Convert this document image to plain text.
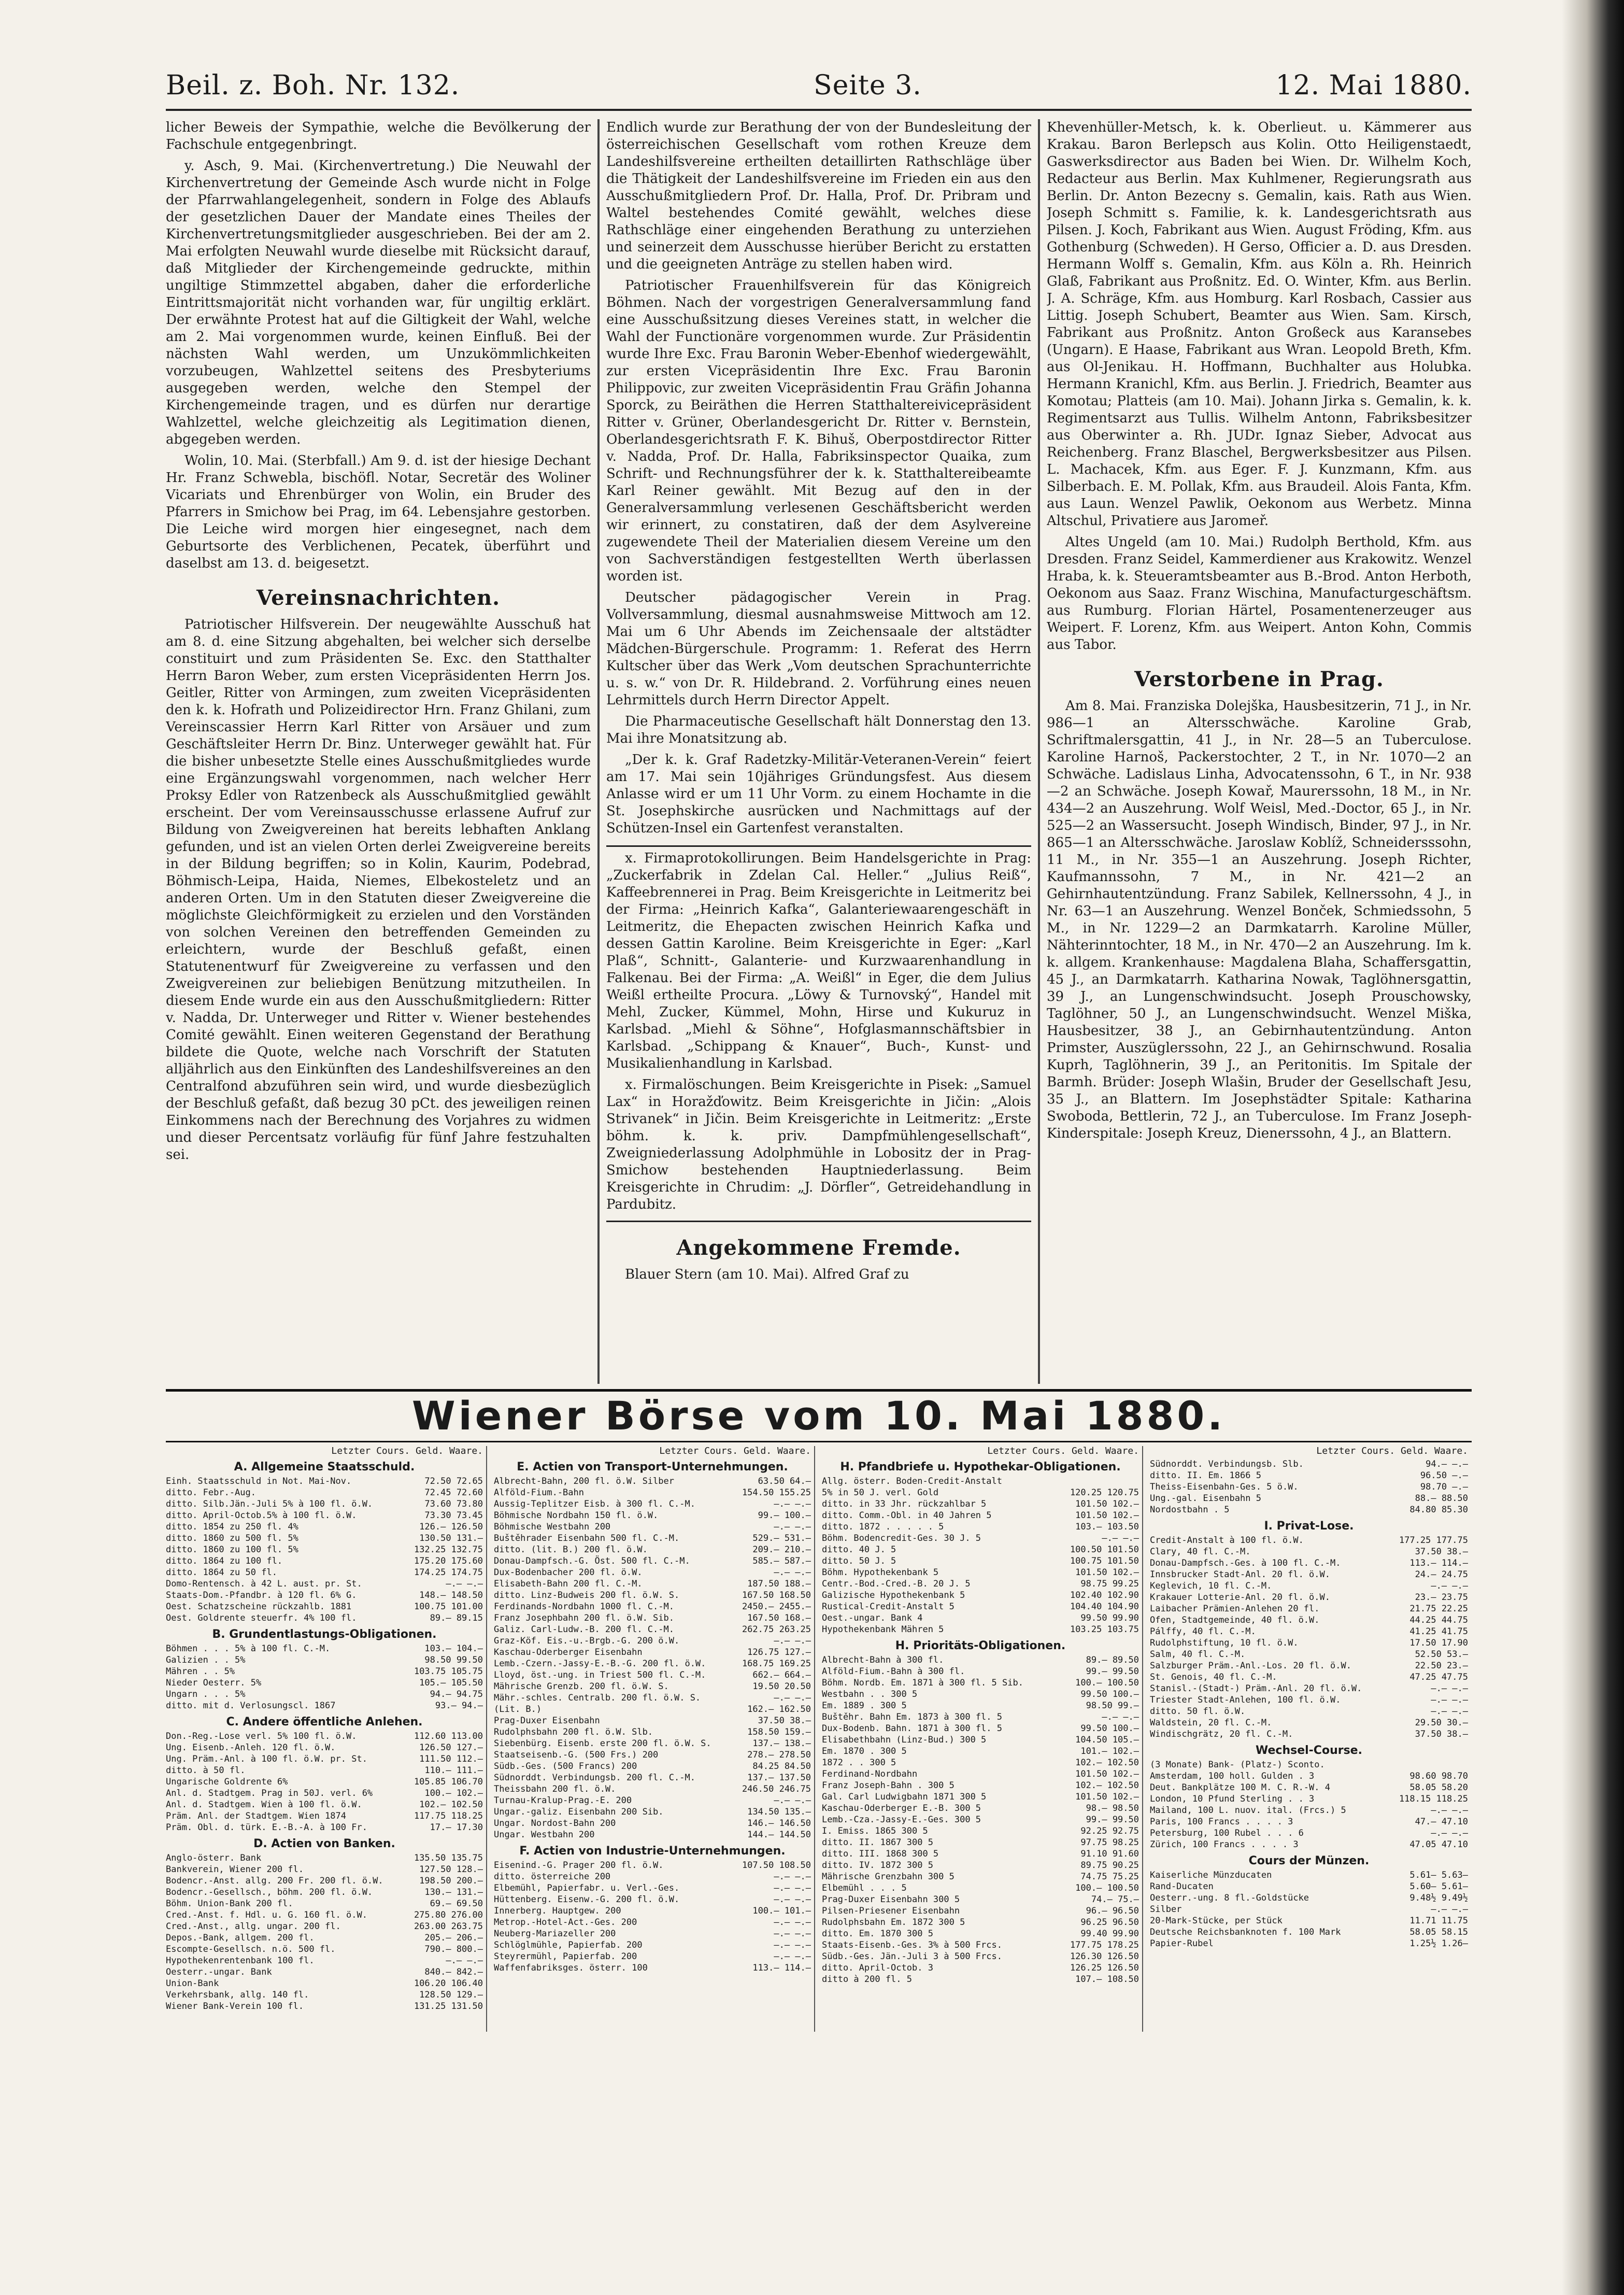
Beil. z. Boh. Nr. 132.	Seite 3.	12. Mai 1880.

licher Beweis der Sympathie, welche die Bevölkerung der Fachschule entgegenbringt.

y. Asch, 9. Mai. (Kirchenvertretung.) Die Neuwahl der Kirchenvertretung der Gemeinde Asch wurde nicht in Folge der Pfarrwahlangelegenheit, sondern in Folge des Ablaufs der gesetzlichen Dauer der Mandate eines Theiles der Kirchenvertretungsmitglieder ausgeschrieben. Bei der am 2. Mai erfolgten Neuwahl wurde dieselbe mit Rücksicht darauf, daß Mitglieder der Kirchengemeinde gedruckte, mithin ungiltige Stimmzettel abgaben, daher die erforderliche Eintrittsmajorität nicht vorhanden war, für ungiltig erklärt. Der erwähnte Protest hat auf die Giltigkeit der Wahl, welche am 2. Mai vorgenommen wurde, keinen Einfluß. Bei der nächsten Wahl werden, um Unzukömmlichkeiten vorzubeugen, Wahlzettel seitens des Presbyteriums ausgegeben werden, welche den Stempel der Kirchengemeinde tragen, und es dürfen nur derartige Wahlzettel, welche gleichzeitig als Legitimation dienen, abgegeben werden.

Wolin, 10. Mai. (Sterbfall.) Am 9. d. ist der hiesige Dechant Hr. Franz Schwebla, bischöfl. Notar, Secretär des Woliner Vicariats und Ehrenbürger von Wolin, ein Bruder des Pfarrers in Smichow bei Prag, im 64. Lebensjahre gestorben. Die Leiche wird morgen hier eingesegnet, nach dem Geburtsorte des Verblichenen, Pecatek, überführt und daselbst am 13. d. beigesetzt.

Vereinsnachrichten.

Patriotischer Hilfsverein. Der neugewählte Ausschuß hat am 8. d. eine Sitzung abgehalten, bei welcher sich derselbe constituirt und zum Präsidenten Se. Exc. den Statthalter Herrn Baron Weber, zum ersten Vicepräsidenten Herrn Jos. Geitler, Ritter von Armingen, zum zweiten Vicepräsidenten den k. k. Hofrath und Polizeidirector Hrn. Franz Ghilani, zum Vereinscassier Herrn Karl Ritter von Arsäuer und zum Geschäftsleiter Herrn Dr. Binz. Unterweger gewählt hat. Für die bisher unbesetzte Stelle eines Ausschußmitgliedes wurde eine Ergänzungswahl vorgenommen, nach welcher Herr Proksy Edler von Ratzenbeck als Ausschußmitglied gewählt erscheint. Der vom Vereinsausschusse erlassene Aufruf zur Bildung von Zweigvereinen hat bereits lebhaften Anklang gefunden, und ist an vielen Orten derlei Zweigvereine bereits in der Bildung begriffen; so in Kolin, Kaurim, Podebrad, Böhmisch-Leipa, Haida, Niemes, Elbekosteletz und an anderen Orten. Um in den Statuten dieser Zweigvereine die möglichste Gleichförmigkeit zu erzielen und den Vorständen von solchen Vereinen den betreffenden Gemeinden zu erleichtern, wurde der Beschluß gefaßt, einen Statutenentwurf für Zweigvereine zu verfassen und den Zweigvereinen zur beliebigen Benützung mitzutheilen. In diesem Ende wurde ein aus den Ausschußmitgliedern: Ritter v. Nadda, Dr. Unterweger und Ritter v. Wiener bestehendes Comité gewählt. Einen weiteren Gegenstand der Berathung bildete die Quote, welche nach Vorschrift der Statuten alljährlich aus den Einkünften des Landeshilfsvereines an den Centralfond abzuführen sein wird, und wurde diesbezüglich der Beschluß gefaßt, daß bezug 30 pCt. des jeweiligen reinen Einkommens nach der Berechnung des Vorjahres zu widmen und dieser Percentsatz vorläufig für fünf Jahre festzuhalten sei.

Endlich wurde zur Berathung der von der Bundesleitung der österreichischen Gesellschaft vom rothen Kreuze dem Landeshilfsvereine ertheilten detaillirten Rathschläge über die Thätigkeit der Landeshilfsvereine im Frieden ein aus den Ausschußmitgliedern Prof. Dr. Halla, Prof. Dr. Pribram und Waltel bestehendes Comité gewählt, welches diese Rathschläge einer eingehenden Berathung zu unterziehen und seinerzeit dem Ausschusse hierüber Bericht zu erstatten und die geeigneten Anträge zu stellen haben wird.

Patriotischer Frauenhilfsverein für das Königreich Böhmen. Nach der vorgestrigen Generalversammlung fand eine Ausschußsitzung dieses Vereines statt, in welcher die Wahl der Functionäre vorgenommen wurde. Zur Präsidentin wurde Ihre Exc. Frau Baronin Weber-Ebenhof wiedergewählt, zur ersten Vicepräsidentin Ihre Exc. Frau Baronin Philippovic, zur zweiten Vicepräsidentin Frau Gräfin Johanna Sporck, zu Beiräthen die Herren Statthaltereivicepräsident Ritter v. Grüner, Oberlandesgericht Dr. Ritter v. Bernstein, Oberlandesgerichtsrath F. K. Bihuš, Oberpostdirector Ritter v. Nadda, Prof. Dr. Halla, Fabriksinspector Quaika, zum Schrift- und Rechnungsführer der k. k. Statthaltereibeamte Karl Reiner gewählt. Mit Bezug auf den in der Generalversammlung verlesenen Geschäftsbericht werden wir erinnert, zu constatiren, daß der dem Asylvereine zugewendete Theil der Materialien diesem Vereine um den von Sachverständigen festgestellten Werth überlassen worden ist.

Deutscher pädagogischer Verein in Prag. Vollversammlung, diesmal ausnahmsweise Mittwoch am 12. Mai um 6 Uhr Abends im Zeichensaale der altstädter Mädchen-Bürgerschule. Programm: 1. Referat des Herrn Kultscher über das Werk „Vom deutschen Sprachunterrichte u. s. w.“ von Dr. R. Hildebrand. 2. Vorführung eines neuen Lehrmittels durch Herrn Director Appelt.

Die Pharmaceutische Gesellschaft hält Donnerstag den 13. Mai ihre Monatsitzung ab.

„Der k. k. Graf Radetzky-Militär-Veteranen-Verein“ feiert am 17. Mai sein 10jähriges Gründungsfest. Aus diesem Anlasse wird er um 11 Uhr Vorm. zu einem Hochamte in die St. Josephskirche ausrücken und Nachmittags auf der Schützen-Insel ein Gartenfest veranstalten.

x. Firmaprotokollirungen. Beim Handelsgerichte in Prag: „Zuckerfabrik in Zdelan Cal. Heller.“ „Julius Reiß“, Kaffeebrennerei in Prag. Beim Kreisgerichte in Leitmeritz bei der Firma: „Heinrich Kafka“, Galanteriewaarengeschäft in Leitmeritz, die Ehepacten zwischen Heinrich Kafka und dessen Gattin Karoline. Beim Kreisgerichte in Eger: „Karl Plaß“, Schnitt-, Galanterie- und Kurzwaarenhandlung in Falkenau. Bei der Firma: „A. Weißl“ in Eger, die dem Julius Weißl ertheilte Procura. „Löwy & Turnovský“, Handel mit Mehl, Zucker, Kümmel, Mohn, Hirse und Kukuruz in Karlsbad. „Miehl & Söhne“, Hofglasmannschäftsbier in Karlsbad. „Schippang & Knauer“, Buch-, Kunst- und Musikalienhandlung in Karlsbad.

x. Firmalöschungen. Beim Kreisgerichte in Pisek: „Samuel Lax“ in Horažďowitz. Beim Kreisgerichte in Jičin: „Alois Strivanek“ in Jičin. Beim Kreisgerichte in Leitmeritz: „Erste böhm. k. k. priv. Dampfmühlengesellschaft“, Zweigniederlassung Adolphmühle in Lobositz der in Prag-Smichow bestehenden Hauptniederlassung. Beim Kreisgerichte in Chrudim: „J. Dörfler“, Getreidehandlung in Pardubitz.

Angekommene Fremde.

Blauer Stern (am 10. Mai). Alfred Graf zu

Khevenhüller-Metsch, k. k. Oberlieut. u. Kämmerer aus Krakau. Baron Berlepsch aus Kolin. Otto Heiligenstaedt, Gaswerksdirector aus Baden bei Wien. Dr. Wilhelm Koch, Redacteur aus Berlin. Max Kuhlmener, Regierungsrath aus Berlin. Dr. Anton Bezecny s. Gemalin, kais. Rath aus Wien. Joseph Schmitt s. Familie, k. k. Landesgerichtsrath aus Pilsen. J. Koch, Fabrikant aus Wien. August Fröding, Kfm. aus Gothenburg (Schweden). H Gerso, Officier a. D. aus Dresden. Hermann Wolff s. Gemalin, Kfm. aus Köln a. Rh. Heinrich Glaß, Fabrikant aus Proßnitz. Ed. O. Winter, Kfm. aus Berlin. J. A. Schräge, Kfm. aus Homburg. Karl Rosbach, Cassier aus Littig. Joseph Schubert, Beamter aus Wien. Sam. Kirsch, Fabrikant aus Proßnitz. Anton Großeck aus Karansebes (Ungarn). E Haase, Fabrikant aus Wran. Leopold Breth, Kfm. aus Ol-Jenikau. H. Hoffmann, Buchhalter aus Holubka. Hermann Kranichl, Kfm. aus Berlin. J. Friedrich, Beamter aus Komotau; Platteis (am 10. Mai). Johann Jirka s. Gemalin, k. k. Regimentsarzt aus Tullis. Wilhelm Antonn, Fabriksbesitzer aus Oberwinter a. Rh. JUDr. Ignaz Sieber, Advocat aus Reichenberg. Franz Blaschel, Bergwerksbesitzer aus Pilsen. L. Machacek, Kfm. aus Eger. F. J. Kunzmann, Kfm. aus Silberbach. E. M. Pollak, Kfm. aus Braudeil. Alois Fanta, Kfm. aus Laun. Wenzel Pawlik, Oekonom aus Werbetz. Minna Altschul, Privatiere aus Jaromeř.

Altes Ungeld (am 10. Mai.) Rudolph Berthold, Kfm. aus Dresden. Franz Seidel, Kammerdiener aus Krakowitz. Wenzel Hraba, k. k. Steueramtsbeamter aus B.-Brod. Anton Herboth, Oekonom aus Saaz. Franz Wischina, Manufacturgeschäftsm. aus Rumburg. Florian Härtel, Posamentenerzeuger aus Weipert. F. Lorenz, Kfm. aus Weipert. Anton Kohn, Commis aus Tabor.

Verstorbene in Prag.

Am 8. Mai. Franziska Dolejška, Hausbesitzerin, 71 J., in Nr. 986—1 an Altersschwäche. Karoline Grab, Schriftmalersgattin, 41 J., in Nr. 28—5 an Tuberculose. Karoline Harnoš, Packerstochter, 2 T., in Nr. 1070—2 an Schwäche. Ladislaus Linha, Advocatenssohn, 6 T., in Nr. 938—2 an Schwäche. Joseph Kowař, Maurerssohn, 18 M., in Nr. 434—2 an Auszehrung. Wolf Weisl, Med.-Doctor, 65 J., in Nr. 525—2 an Wassersucht. Joseph Windisch, Binder, 97 J., in Nr. 865—1 an Altersschwäche. Jaroslaw Koblíž, Schneidersssohn, 11 M., in Nr. 355—1 an Auszehrung. Joseph Richter, Kaufmannssohn, 7 M., in Nr. 421—2 an Gehirnhautentzündung. Franz Sabilek, Kellnerssohn, 4 J., in Nr. 63—1 an Auszehrung. Wenzel Bonček, Schmiedssohn, 5 M., in Nr. 1229—2 an Darmkatarrh. Karoline Müller, Nähterinntochter, 18 M., in Nr. 470—2 an Auszehrung. Im k. k. allgem. Krankenhause: Magdalena Blaha, Schaffersgattin, 45 J., an Darmkatarrh. Katharina Nowak, Taglöhnersgattin, 39 J., an Lungenschwindsucht. Joseph Prouschowsky, Taglöhner, 50 J., an Lungenschwindsucht. Wenzel Miška, Hausbesitzer, 38 J., an Gebirnhautentzündung. Anton Primster, Auszüglerssohn, 22 J., an Gehirnschwund. Rosalia Kuprh, Taglöhnerin, 39 J., an Peritonitis. Im Spitale der Barmh. Brüder: Joseph Wlašin, Bruder der Gesellschaft Jesu, 35 J., an Blattern. Im Josephstädter Spitale: Katharina Swoboda, Bettlerin, 72 J., an Tuberculose. Im Franz Joseph-Kinderspitale: Joseph Kreuz, Dienerssohn, 4 J., an Blattern.

Wiener Börse vom 10. Mai 1880.
Letzter Cours. Geld. Waare.
A. Allgemeine Staatsschuld.
Einh. Staatsschuld in Not. Mai-Nov.	72.50 72.65
ditto. Febr.-Aug.	72.45 72.60
ditto. Silb.Jän.-Juli 5% à 100 fl. ö.W.	73.60 73.80
ditto. April-Octob.5% à 100 fl. ö.W.	73.30 73.45
ditto. 1854 zu 250 fl. 4%	126.— 126.50
ditto. 1860 zu 500 fl. 5%	130.50 131.—
ditto. 1860 zu 100 fl. 5%	132.25 132.75
ditto. 1864 zu 100 fl.	175.20 175.60
ditto. 1864 zu 50 fl.	174.25 174.75
Domo-Rentensch. à 42 L. aust. pr. St.	—.— —.—
Staats-Dom.-Pfandbr. à 120 fl. 6% G.	148.— 148.50
Oest. Schatzscheine rückzahlb. 1881	100.75 101.00
Oest. Goldrente steuerfr. 4% 100 fl.	89.— 89.15
B. Grundentlastungs-Obligationen.
Böhmen . . . 5% à 100 fl. C.-M.	103.— 104.—
Galizien . . 5%	98.50 99.50
Mähren . . 5%	103.75 105.75
Nieder Oesterr. 5%	105.— 105.50
Ungarn . . . 5%	94.— 94.75
ditto. mit d. Verlosungscl. 1867	93.— 94.—
C. Andere öffentliche Anlehen.
Don.-Reg.-Lose verl. 5% 100 fl. ö.W.	112.60 113.00
Ung. Eisenb.-Anleh. 120 fl. ö.W.	126.50 127.—
Ung. Präm.-Anl. à 100 fl. ö.W. pr. St.	111.50 112.—
ditto. à 50 fl.	110.— 111.—
Ungarische Goldrente 6%	105.85 106.70
Anl. d. Stadtgem. Prag in 50J. verl. 6%	100.— 102.—
Anl. d. Stadtgem. Wien à 100 fl. ö.W.	102.— 102.50
Präm. Anl. der Stadtgem. Wien 1874	117.75 118.25
Präm. Obl. d. türk. E.-B.-A. à 100 Fr.	17.— 17.30
D. Actien von Banken.
Anglo-österr. Bank	135.50 135.75
Bankverein, Wiener 200 fl.	127.50 128.—
Bodencr.-Anst. allg. 200 Fr. 200 fl. ö.W.	198.50 200.—
Bodencr.-Gesellsch., böhm. 200 fl. ö.W.	130.— 131.—
Böhm. Union-Bank 200 fl.	69.— 69.50
Cred.-Anst. f. Hdl. u. G. 160 fl. ö.W.	275.80 276.00
Cred.-Anst., allg. ungar. 200 fl.	263.00 263.75
Depos.-Bank, allgem. 200 fl.	205.— 206.—
Escompte-Gesellsch. n.ö. 500 fl.	790.— 800.—
Hypothekenrentenbank 100 fl.	—.— —.—
Oesterr.-ungar. Bank	840.— 842.—
Union-Bank	106.20 106.40
Verkehrsbank, allg. 140 fl.	128.50 129.—
Wiener Bank-Verein 100 fl.	131.25 131.50
Letzter Cours. Geld. Waare.
E. Actien von Transport-Unternehmungen.
Albrecht-Bahn, 200 fl. ö.W. Silber	63.50 64.—
Alföld-Fium.-Bahn	154.50 155.25
Aussig-Teplitzer Eisb. à 300 fl. C.-M.	—.— —.—
Böhmische Nordbahn 150 fl. ö.W.	99.— 100.—
Böhmische Westbahn 200	—.— —.—
Buštěhrader Eisenbahn 500 fl. C.-M.	529.— 531.—
ditto. (lit. B.) 200 fl. ö.W.	209.— 210.—
Donau-Dampfsch.-G. Öst. 500 fl. C.-M.	585.— 587.—
Dux-Bodenbacher 200 fl. ö.W.	—.— —.—
Elisabeth-Bahn 200 fl. C.-M.	187.50 188.—
ditto. Linz-Budweis 200 fl. ö.W. S.	167.50 168.50
Ferdinands-Nordbahn 1000 fl. C.-M.	2450.— 2455.—
Franz Josephbahn 200 fl. ö.W. Sib.	167.50 168.—
Galiz. Carl-Ludw.-B. 200 fl. C.-M.	262.75 263.25
Graz-Köf. Eis.-u.-Brgb.-G. 200 ö.W.	—.— —.—
Kaschau-Oderberger Eisenbahn	126.75 127.—
Lemb.-Czern.-Jassy-E.-B.-G. 200 fl. ö.W.	168.75 169.25
Lloyd, öst.-ung. in Triest 500 fl. C.-M.	662.— 664.—
Mährische Grenzb. 200 fl. ö.W. S.	19.50 20.50
Mähr.-schles. Centralb. 200 fl. ö.W. S.	—.— —.—
(Lit. B.)	162.— 162.50
Prag-Duxer Eisenbahn	37.50 38.—
Rudolphsbahn 200 fl. ö.W. Slb.	158.50 159.—
Siebenbürg. Eisenb. erste 200 fl. ö.W. S.	137.— 138.—
Staatseisenb.-G. (500 Frs.) 200	278.— 278.50
Südb.-Ges. (500 Francs) 200	84.25 84.50
Südnorddt. Verbindungsb. 200 fl. C.-M.	137.— 137.50
Theissbahn 200 fl. ö.W.	246.50 246.75
Turnau-Kralup-Prag.-E. 200	—.— —.—
Ungar.-galiz. Eisenbahn 200 Sib.	134.50 135.—
Ungar. Nordost-Bahn 200	146.— 146.50
Ungar. Westbahn 200	144.— 144.50
F. Actien von Industrie-Unternehmungen.
Eisenind.-G. Prager 200 fl. ö.W.	107.50 108.50
ditto. österreiche 200	—.— —.—
Elbemühl, Papierfabr. u. Verl.-Ges.	—.— —.—
Hüttenberg. Eisenw.-G. 200 fl. ö.W.	—.— —.—
Innerberg. Hauptgew. 200	100.— 101.—
Metrop.-Hotel-Act.-Ges. 200	—.— —.—
Neuberg-Mariazeller 200	—.— —.—
Schlöglmühle, Papierfab. 200	—.— —.—
Steyrermühl, Papierfab. 200	—.— —.—
Waffenfabriksges. österr. 100	113.— 114.—
Letzter Cours. Geld. Waare.
H. Pfandbriefe u. Hypothekar-Obligationen.
Allg. österr. Boden-Credit-Anstalt
5% in 50 J. verl. Gold	120.25 120.75
ditto. in 33 Jhr. rückzahlbar 5	101.50 102.—
ditto. Comm.-Obl. in 40 Jahren 5	101.50 102.—
ditto. 1872 . . . . . 5	103.— 103.50
Böhm. Bodencredit-Ges. 30 J. 5	—.— —.—
ditto. 40 J. 5	100.50 101.50
ditto. 50 J. 5	100.75 101.50
Böhm. Hypothekenbank 5	101.50 102.—
Centr.-Bod.-Cred.-B. 20 J. 5	98.75 99.25
Galizische Hypothekenbank 5	102.40 102.90
Rustical-Credit-Anstalt 5	104.40 104.90
Oest.-ungar. Bank 4	99.50 99.90
Hypothekenbank Mähren 5	103.25 103.75
H. Prioritäts-Obligationen.
Albrecht-Bahn à 300 fl.	89.— 89.50
Alföld-Fium.-Bahn à 300 fl.	99.— 99.50
Böhm. Nordb. Em. 1871 à 300 fl. 5 Sib.	100.— 100.50
Westbahn . . 300 5	99.50 100.—
Em. 1889 . 300 5	98.50 99.—
Buštěhr. Bahn Em. 1873 à 300 fl. 5	—.— —.—
Dux-Bodenb. Bahn. 1871 à 300 fl. 5	99.50 100.—
Elisabethbahn (Linz-Bud.) 300 5	104.50 105.—
Em. 1870 . 300 5	101.— 102.—
1872 . . 300 5	102.— 102.50
Ferdinand-Nordbahn	101.50 102.—
Franz Joseph-Bahn . 300 5	102.— 102.50
Gal. Carl Ludwigbahn 1871 300 5	101.50 102.—
Kaschau-Oderberger E.-B. 300 5	98.— 98.50
Lemb.-Cza.-Jassy-E.-Ges. 300 5	99.— 99.50
I. Emiss. 1865 300 5	92.25 92.75
ditto. II. 1867 300 5	97.75 98.25
ditto. III. 1868 300 5	91.10 91.60
ditto. IV. 1872 300 5	89.75 90.25
Mährische Grenzbahn 300 5	74.75 75.25
Elbemühl . . . 5	100.— 100.50
Prag-Duxer Eisenbahn 300 5	74.— 75.—
Pilsen-Priesener Eisenbahn	96.— 96.50
Rudolphsbahn Em. 1872 300 5	96.25 96.50
ditto. Em. 1870 300 5	99.40 99.90
Staats-Eisenb.-Ges. 3% à 500 Frcs.	177.75 178.25
Südb.-Ges. Jän.-Juli 3 à 500 Frcs.	126.30 126.50
ditto. April-Octob. 3	126.25 126.50
ditto à 200 fl. 5	107.— 108.50
Letzter Cours. Geld. Waare.
Südnorddt. Verbindungsb. Slb.	94.— —.—
ditto. II. Em. 1866 5	96.50 —.—
Theiss-Eisenbahn-Ges. 5 ö.W.	98.70 —.—
Ung.-gal. Eisenbahn 5	88.— 88.50
Nordostbahn . 5	84.80 85.30
I. Privat-Lose.
Credit-Anstalt à 100 fl. ö.W.	177.25 177.75
Clary, 40 fl. C.-M.	37.50 38.—
Donau-Dampfsch.-Ges. à 100 fl. C.-M.	113.— 114.—
Innsbrucker Stadt-Anl. 20 fl. ö.W.	24.— 24.75
Keglevich, 10 fl. C.-M.	—.— —.—
Krakauer Lotterie-Anl. 20 fl. ö.W.	23.— 23.75
Laibacher Prämien-Anlehen 20 fl.	21.75 22.25
Ofen, Stadtgemeinde, 40 fl. ö.W.	44.25 44.75
Pálffy, 40 fl. C.-M.	41.25 41.75
Rudolphstiftung, 10 fl. ö.W.	17.50 17.90
Salm, 40 fl. C.-M.	52.50 53.—
Salzburger Präm.-Anl.-Los. 20 fl. ö.W.	22.50 23.—
St. Genois, 40 fl. C.-M.	47.25 47.75
Stanisl.-(Stadt-) Präm.-Anl. 20 fl. ö.W.	—.— —.—
Triester Stadt-Anlehen, 100 fl. ö.W.	—.— —.—
ditto. 50 fl. ö.W.	—.— —.—
Waldstein, 20 fl. C.-M.	29.50 30.—
Windischgrätz, 20 fl. C.-M.	37.50 38.—
Wechsel-Course.
(3 Monate) Bank- (Platz-) Sconto.
Amsterdam, 100 holl. Gulden . 3	98.60 98.70
Deut. Bankplätze 100 M. C. R.-W. 4	58.05 58.20
London, 10 Pfund Sterling . . 3	118.15 118.25
Mailand, 100 L. nuov. ital. (Frcs.) 5	—.— —.—
Paris, 100 Francs . . . . 3	47.— 47.10
Petersburg, 100 Rubel . . . 6	—.— —.—
Zürich, 100 Francs . . . . 3	47.05 47.10
Cours der Münzen.
Kaiserliche Münzducaten	5.61— 5.63—
Rand-Ducaten	5.60— 5.61—
Oesterr.-ung. 8 fl.-Goldstücke	9.48½ 9.49½
Silber	—.— —.—
20-Mark-Stücke, per Stück	11.71 11.75
Deutsche Reichsbanknoten f. 100 Mark	58.05 58.15
Papier-Rubel	1.25½ 1.26—
